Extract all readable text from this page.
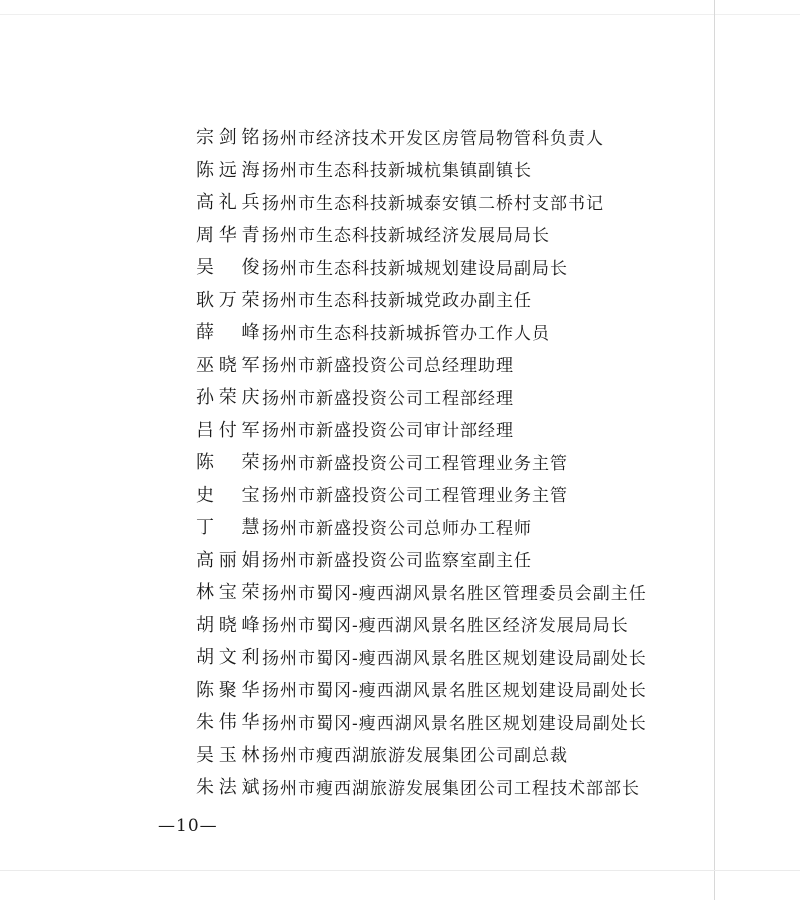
宗剑铭 扬州市经济技术开发区房管局物管科负责人
陈远海 扬州市生态科技新城杭集镇副镇长
高礼兵 扬州市生态科技新城泰安镇二桥村支部书记
周华青 扬州市生态科技新城经济发展局局长
吴　俊 扬州市生态科技新城规划建设局副局长
耿万荣 扬州市生态科技新城党政办副主任
薛　峰 扬州市生态科技新城拆管办工作人员
巫晓军 扬州市新盛投资公司总经理助理
孙荣庆 扬州市新盛投资公司工程部经理
吕付军 扬州市新盛投资公司审计部经理
陈　荣 扬州市新盛投资公司工程管理业务主管
史　宝 扬州市新盛投资公司工程管理业务主管
丁　慧 扬州市新盛投资公司总师办工程师
高丽娟 扬州市新盛投资公司监察室副主任
林宝荣 扬州市蜀冈-瘦西湖风景名胜区管理委员会副主任
胡晓峰 扬州市蜀冈-瘦西湖风景名胜区经济发展局局长
胡文利 扬州市蜀冈-瘦西湖风景名胜区规划建设局副处长
陈聚华 扬州市蜀冈-瘦西湖风景名胜区规划建设局副处长
朱伟华 扬州市蜀冈-瘦西湖风景名胜区规划建设局副处长
吴玉林 扬州市瘦西湖旅游发展集团公司副总裁
朱法斌 扬州市瘦西湖旅游发展集团公司工程技术部部长
—10—
